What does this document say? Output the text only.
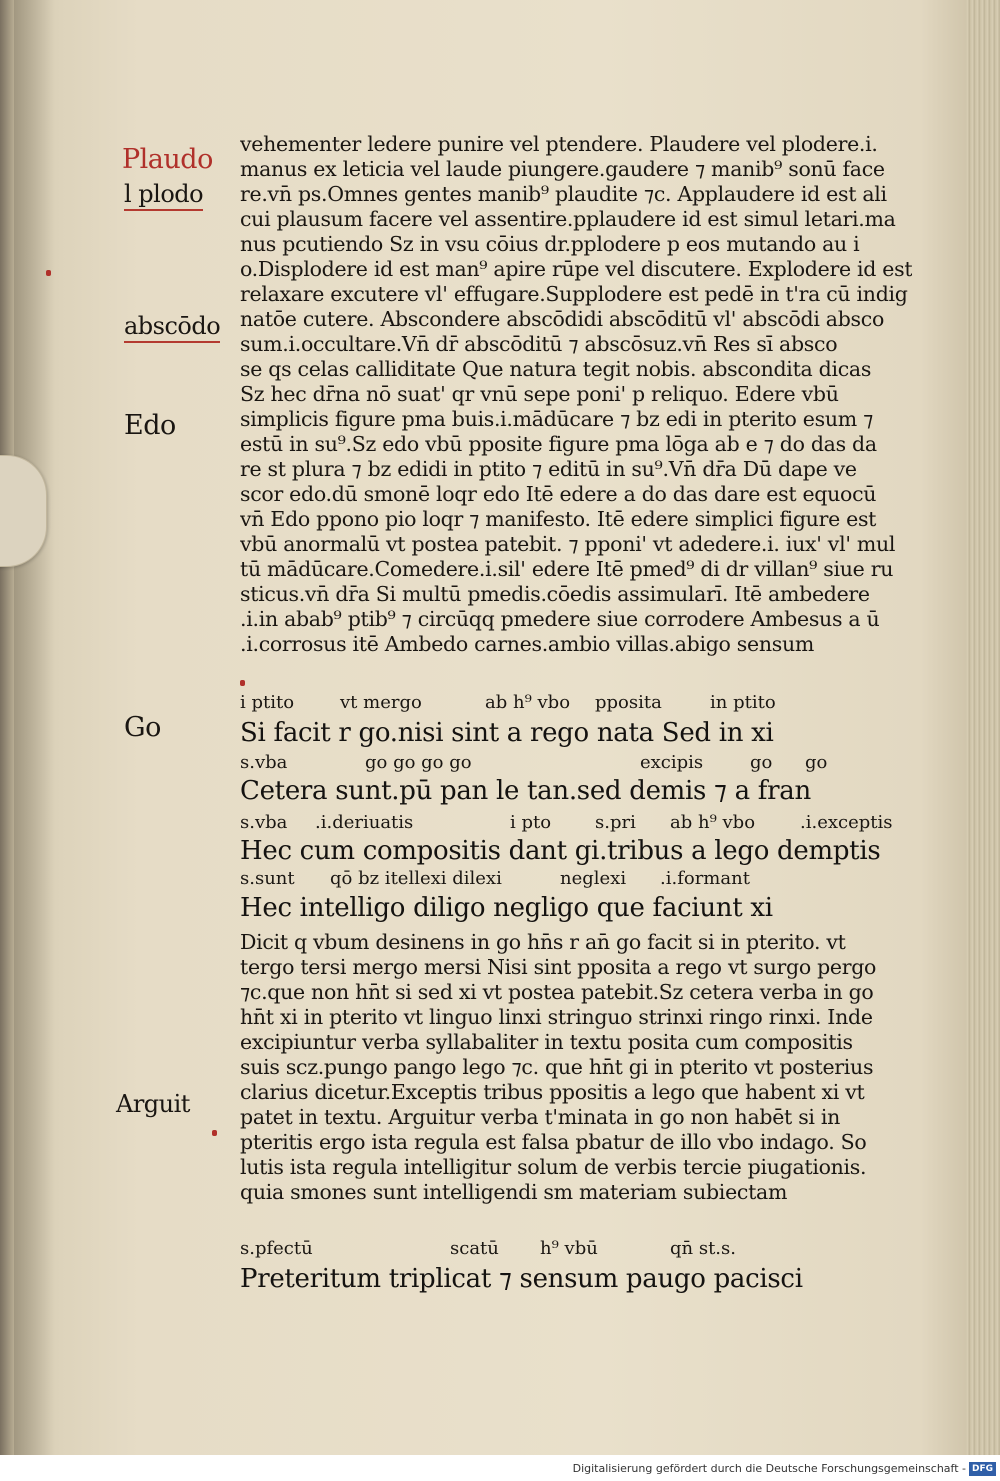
Plaudo
l plodo
abscōdo
Edo
Go
Arguit
vehementer ledere punire vel ptendere. Plaudere vel plodere.i.
manus ex leticia vel laude piungere.gaudere ⁊ manib⁹ sonū face
re.vn̄ ps.Omnes gentes manib⁹ plaudite ⁊c. Applaudere id est ali
cui plausum facere vel assentire.pplaudere id est simul letari.ma
nus pcutiendo Sz in vsu cōius dr.pplodere p eos mutando au i
o.Displodere id est man⁹ apire rūpe vel discutere. Explodere id est
relaxare excutere vl' effugare.Supplodere est pedē in t'ra cū indig
natōe cutere. Abscondere abscōdidi abscōditū vl' abscōdi absco
sum.i.occultare.Vn̄ dr̄ abscōditū ⁊ abscōsuz.vn̄ Res sī absco
se qs celas calliditate Que natura tegit nobis. abscondita dicas
Sz hec dr̄na nō suat' qr vnū sepe poni' p reliquo. Edere vbū
simplicis figure pma buis.i.mādūcare ⁊ bz edi in pterito esum ⁊
estū in su⁹.Sz edo vbū pposite figure pma lōga ab e ⁊ do das da
re st plura ⁊ bz edidi in ptito ⁊ editū in su⁹.Vn̄ dr̄a Dū dape ve
scor edo.dū smonē loqr edo Itē edere a do das dare est equocū
vn̄ Edo ppono pio loqr ⁊ manifesto. Itē edere simplici figure est
vbū anormalū vt postea patebit. ⁊ pponi' vt adedere.i. iux' vl' mul
tū mādūcare.Comedere.i.sil' edere Itē pmed⁹ di dr villan⁹ siue ru
sticus.vn̄ dr̄a Si multū pmedis.cōedis assimularī. Itē ambedere
.i.in abab⁹ ptib⁹ ⁊ circūqq pmedere siue corrodere Ambesus a ū
.i.corrosus itē Ambedo carnes.ambio villas.abigo sensum
i ptito	vt mergo	ab h⁹ vbo pposita	in ptito
Si facit r go.nisi sint a rego nata Sed in xi
s.vba	go go go go	excipis	go go
Cetera sunt.pū pan le tan.sed demis ⁊ a fran
s.vba .i.deriuatis	i pto s.pri ab h⁹ vbo .i.exceptis
Hec cum compositis dant gi.tribus a lego demptis
s.sunt qō bz itellexi dilexi	neglexi .i.formant
Hec intelligo diligo negligo que faciunt xi
Dicit q vbum desinens in go hn̄s r an̄ go facit si in pterito. vt
tergo tersi mergo mersi Nisi sint pposita a rego vt surgo pergo
⁊c.que non hn̄t si sed xi vt postea patebit.Sz cetera verba in go
hn̄t xi in pterito vt linguo linxi stringuo strinxi ringo rinxi. Inde
excipiuntur verba syllabaliter in textu posita cum compositis
suis scz.pungo pango lego ⁊c. que hn̄t gi in pterito vt posterius
clarius dicetur.Exceptis tribus ppositis a lego que habent xi vt
patet in textu. Arguitur verba t'minata in go non habēt si in
pteritis ergo ista regula est falsa pbatur de illo vbo indago. So
lutis ista regula intelligitur solum de verbis tercie piugationis.
quia smones sunt intelligendi sm materiam subiectam
s.pfectū	scatū h⁹ vbū	qn̄ st.s.
Preteritum triplicat ⁊ sensum paugo pacisci
Digitalisierung gefördert durch die Deutsche Forschungsgemeinschaft - DFG
